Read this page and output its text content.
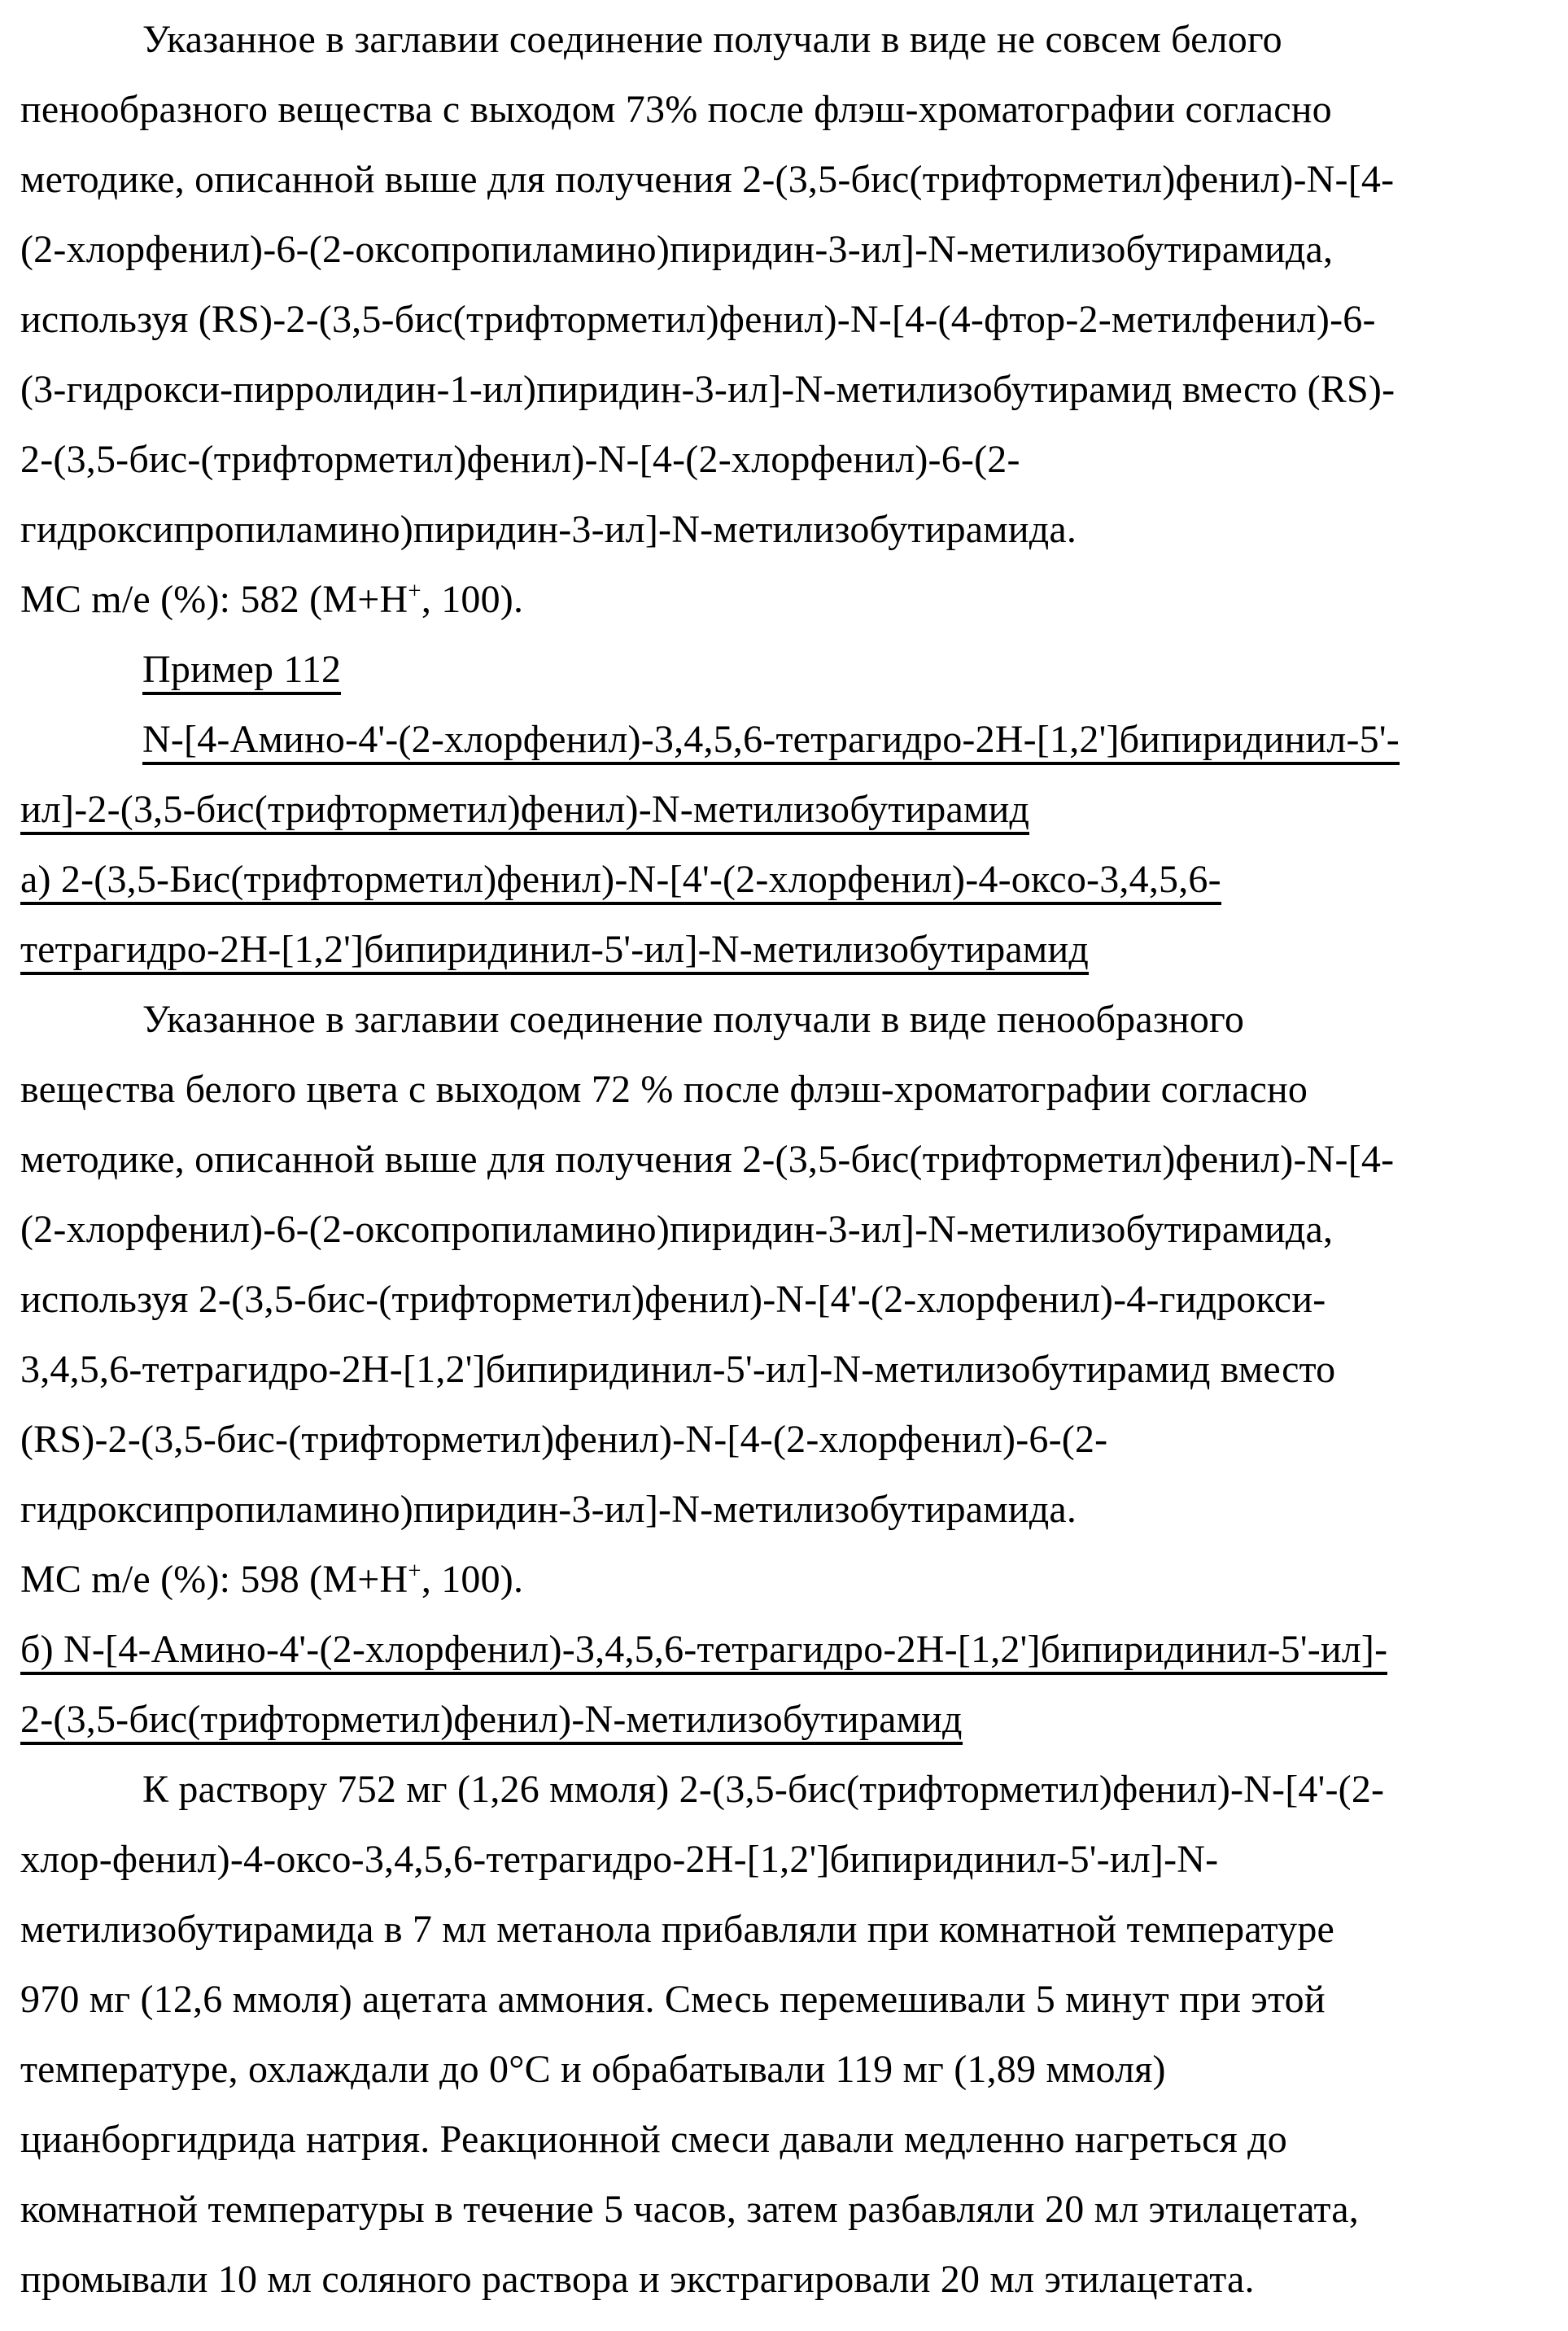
Указанное в заглавии соединение получали в виде не совсем белого
пенообразного вещества с выходом 73% после флэш-хроматографии согласно
методике, описанной выше для получения 2-(3,5-бис(трифторметил)фенил)-N-[4-
(2-хлорфенил)-6-(2-оксопропиламино)пиридин-3-ил]-N-метилизобутирамида,
используя (RS)-2-(3,5-бис(трифторметил)фенил)-N-[4-(4-фтор-2-метилфенил)-6-
(3-гидрокси-пирролидин-1-ил)пиридин-3-ил]-N-метилизобутирамид вместо (RS)-
2-(3,5-бис-(трифторметил)фенил)-N-[4-(2-хлорфенил)-6-(2-
гидроксипропиламино)пиридин-3-ил]-N-метилизобутирамида.
МС m/e (%): 582 (M+H+, 100).
Пример 112
N-[4-Амино-4'-(2-хлорфенил)-3,4,5,6-тетрагидро-2H-[1,2']бипиридинил-5'-
ил]-2-(3,5-бис(трифторметил)фенил)-N-метилизобутирамид
а) 2-(3,5-Бис(трифторметил)фенил)-N-[4'-(2-хлорфенил)-4-оксо-3,4,5,6-
тетрагидро-2H-[1,2']бипиридинил-5'-ил]-N-метилизобутирамид
Указанное в заглавии соединение получали в виде пенообразного
вещества белого цвета с выходом 72 % после флэш-хроматографии согласно
методике, описанной выше для получения 2-(3,5-бис(трифторметил)фенил)-N-[4-
(2-хлорфенил)-6-(2-оксопропиламино)пиридин-3-ил]-N-метилизобутирамида,
используя 2-(3,5-бис-(трифторметил)фенил)-N-[4'-(2-хлорфенил)-4-гидрокси-
3,4,5,6-тетрагидро-2H-[1,2']бипиридинил-5'-ил]-N-метилизобутирамид вместо
(RS)-2-(3,5-бис-(трифторметил)фенил)-N-[4-(2-хлорфенил)-6-(2-
гидроксипропиламино)пиридин-3-ил]-N-метилизобутирамида.
МС m/e (%): 598 (M+H+, 100).
б) N-[4-Амино-4'-(2-хлорфенил)-3,4,5,6-тетрагидро-2H-[1,2']бипиридинил-5'-ил]-
2-(3,5-бис(трифторметил)фенил)-N-метилизобутирамид
К раствору 752 мг (1,26 ммоля) 2-(3,5-бис(трифторметил)фенил)-N-[4'-(2-
хлор-фенил)-4-оксо-3,4,5,6-тетрагидро-2H-[1,2']бипиридинил-5'-ил]-N-
метилизобутирамида в 7 мл метанола прибавляли при комнатной температуре
970 мг (12,6 ммоля) ацетата аммония. Смесь перемешивали 5 минут при этой
температуре, охлаждали до 0°С и обрабатывали 119 мг (1,89 ммоля)
цианборгидрида натрия. Реакционной смеси давали медленно нагреться до
комнатной температуры в течение 5 часов, затем разбавляли 20 мл этилацетата,
промывали 10 мл соляного раствора и экстрагировали 20 мл этилацетата.
